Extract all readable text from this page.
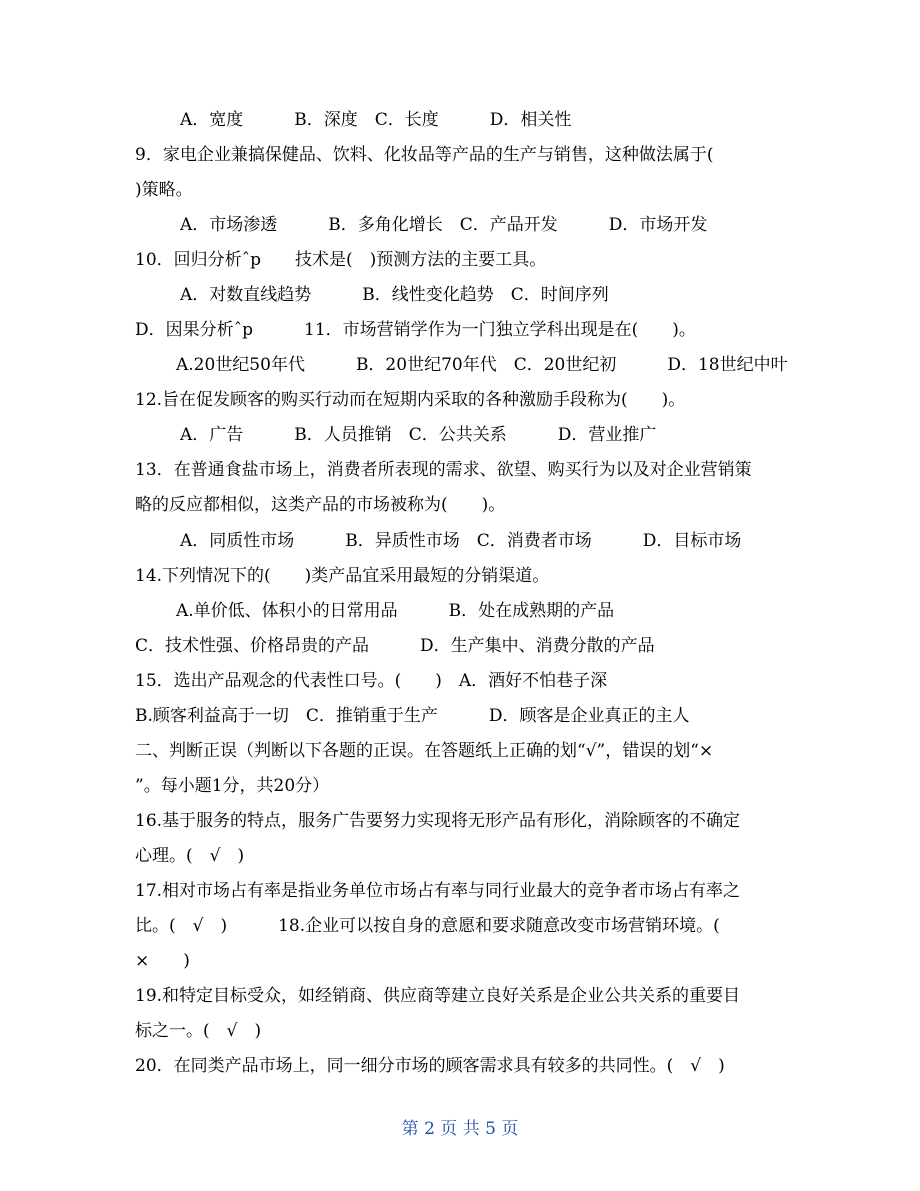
A．宽度　　　B．深度　C．长度　　　D．相关性
9．家电企业兼搞保健品、饮料、化妆品等产品的生产与销售，这种做法属于(
)策略。
A．市场渗透　　　B．多角化增长　C．产品开发　　　D．市场开发
10．回归分析ˆp　　技术是(　)预测方法的主要工具。
A．对数直线趋势　　　B．线性变化趋势　C．时间序列
D．因果分析ˆp　　　11．市场营销学作为一门独立学科出现是在(　　)。
A.20世纪50年代　　　B．20世纪70年代　C．20世纪初　　　D．18世纪中叶
12.旨在促发顾客的购买行动而在短期内采取的各种激励手段称为(　　)。
A．广告　　　B．人员推销　C．公共关系　　　D．营业推广
13．在普通食盐市场上，消费者所表现的需求、欲望、购买行为以及对企业营销策
略的反应都相似，这类产品的市场被称为(　　)。
A．同质性市场　　　B．异质性市场　C．消费者市场　　　D．目标市场
14.下列情况下的(　　)类产品宜采用最短的分销渠道。
A.单价低、体积小的日常用品　　　B．处在成熟期的产品
C．技术性强、价格昂贵的产品　　　D．生产集中、消费分散的产品
15．选出产品观念的代表性口号。(　　)　A．酒好不怕巷子深
B.顾客利益高于一切　C．推销重于生产　　　D．顾客是企业真正的主人
二、判断正误（判断以下各题的正误。在答题纸上正确的划“√”，错误的划“×
”。每小题1分，共20分）
16.基于服务的特点，服务广告要努力实现将无形产品有形化，消除顾客的不确定
心理。(　√　)
17.相对市场占有率是指业务单位市场占有率与同行业最大的竞争者市场占有率之
比。(　√　)　　　18.企业可以按自身的意愿和要求随意改变市场营销环境。(
×　　)
19.和特定目标受众，如经销商、供应商等建立良好关系是企业公共关系的重要目
标之一。(　√　)
20．在同类产品市场上，同一细分市场的顾客需求具有较多的共同性。(　√　)
第 2 页 共 5 页
